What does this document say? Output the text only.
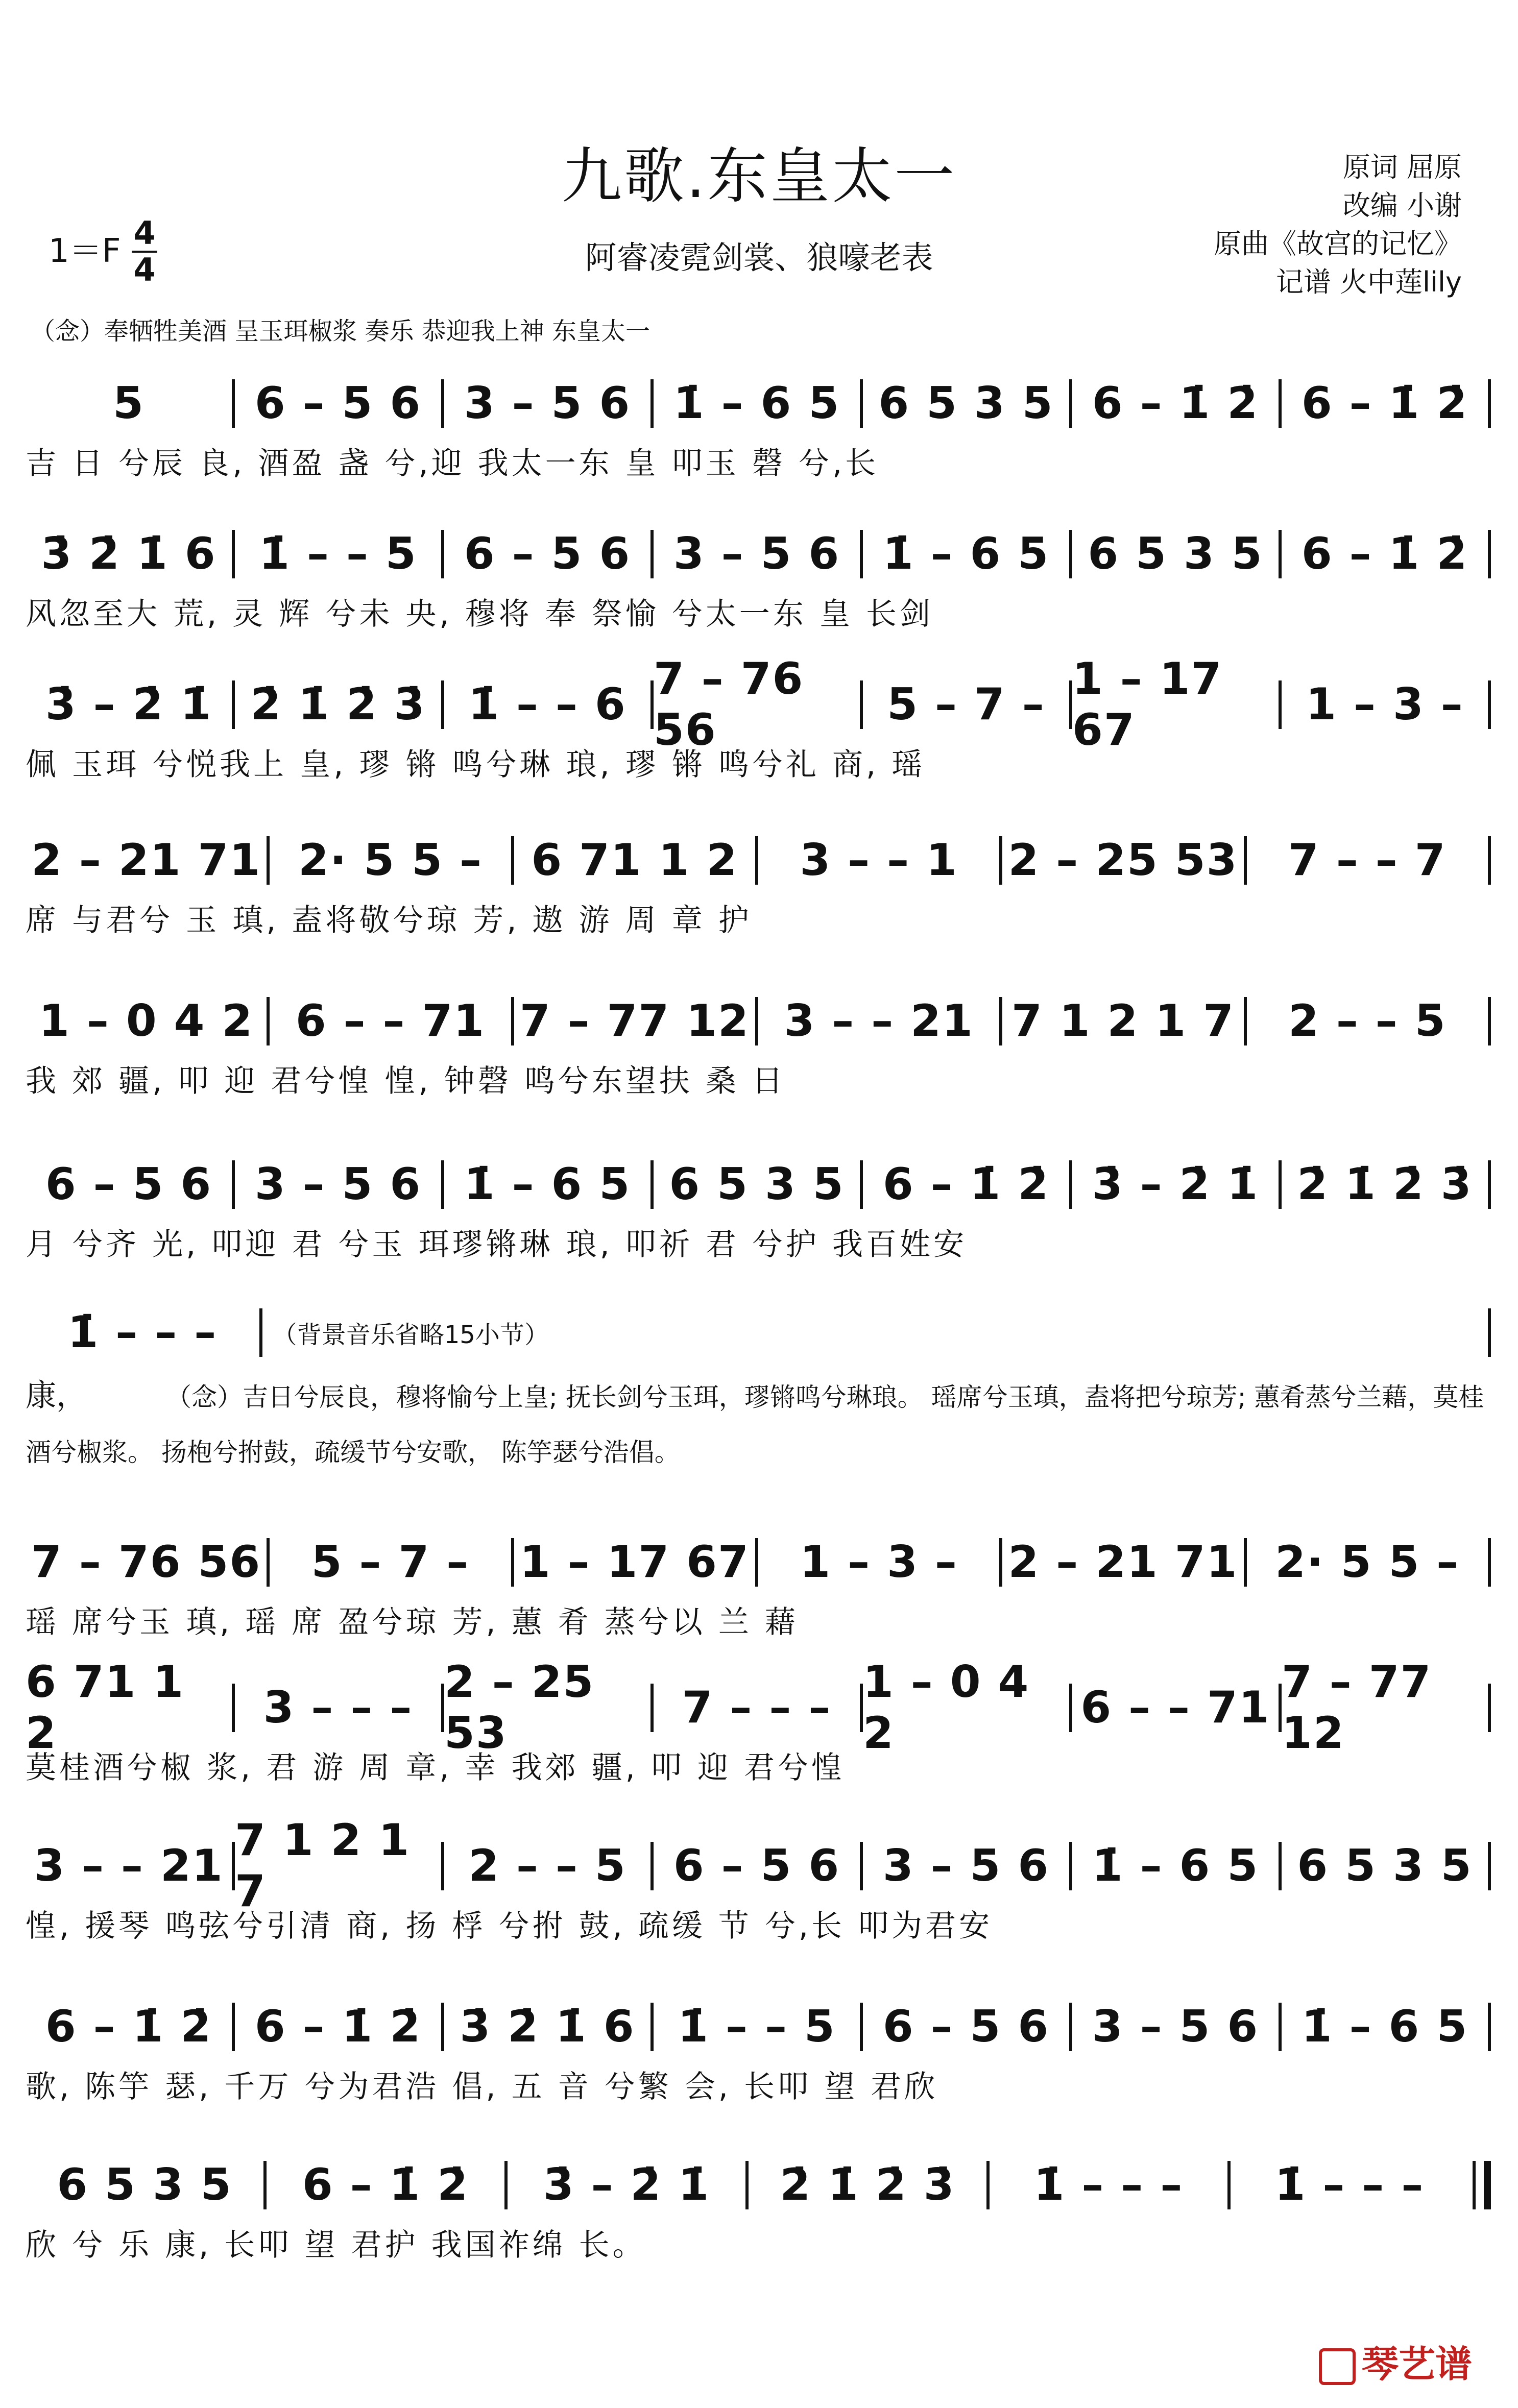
九歌.东皇太一
阿睿凌霓剑裳、狼嚎老表
原词 屈原
改编 小谢
原曲《故宫的记忆》
记谱 火中莲lily
1＝F 4
4
（念）奉牺牲美酒 呈玉珥椒浆 奏乐 恭迎我上神 东皇太一
5	6 – 5 6 3 – 5 6 1̇ – 6 5 6 5 3 5 6 – 1̇ 2̇ 6 – 1̇ 2̇
吉 日 兮辰 良, 酒盈 盏 兮,迎 我太一东 皇 叩玉 磬 兮,长
3̇ 2̇ 1̇ 6 1̇ – – 5	6 – 5 6 3 – 5 6 1̇ – 6 5 6 5 3 5 6 – 1̇ 2̇
风忽至大 荒, 灵 辉 兮未 央, 穆将 奉 祭愉 兮太一东 皇 长剑
3̇ – 2̇ 1̇ 2̇ 1̇ 2̇ 3̇ 1̇ – – 6 7 – 76 56	5 – 7 – 1 – 17 67	1 – 3 –
佩 玉珥 兮悦我上 皇, 璆 锵 鸣兮琳 琅, 璆 锵 鸣兮礼 商, 瑶
2 – 21 71 2· 5 5 –	6 71 1 2	3 – – 1	2 – 25 53	7 – – 7
席 与君兮 玉 瑱, 盍将敬兮琼 芳, 遨 游 周 章 护
1 – 0 4 2 6 – – 71 7 – 77 12 3 – – 21 7 1 2 1 7	2 – – 5
我 郊 疆, 叩 迎 君兮惶 惶, 钟磬 鸣兮东望扶 桑 日
6 – 5 6 3 – 5 6 1̇ – 6 5 6 5 3 5 6 – 1̇ 2̇ 3̇ – 2̇ 1̇ 2̇ 1̇ 2̇ 3̇
月 兮齐 光, 叩迎 君 兮玉 珥璆锵琳 琅, 叩祈 君 兮护 我百姓安
1̇ – – –	（背景音乐省略15小节）
康，	（念）吉日兮辰良，穆将愉兮上皇; 抚长剑兮玉珥，璆锵鸣兮琳琅。 瑶席兮玉瑱，盍将把兮琼芳; 蕙肴蒸兮兰藉，莫桂酒兮椒浆。 扬枹兮拊鼓，疏缓节兮安歌， 陈竽瑟兮浩倡。
7 – 76 56	5 – 7 –	1 – 17 67	1 – 3 –	2 – 21 71 2· 5 5 –
瑶 席兮玉 瑱, 瑶 席 盈兮琼 芳, 蕙 肴 蒸兮以 兰 藉
6 71 1 2	3 – – – 2 – 25 53	7 – – – 1 – 0 4 2	6 – – 71 7 – 77 12
莫桂酒兮椒 浆, 君 游 周 章, 幸 我郊 疆, 叩 迎 君兮惶
3 – – 21 7 1 2 1 7	2 – – 5	6 – 5 6 3 – 5 6 1̇ – 6 5 6 5 3 5
惶, 援琴 鸣弦兮引清 商, 扬 桴 兮拊 鼓, 疏缓 节 兮,长 叩为君安
6 – 1̇ 2̇ 6 – 1̇ 2̇ 3̇ 2̇ 1̇ 6 1̇ – – 5	6 – 5 6 3 – 5 6 1̇ – 6 5
歌, 陈竽 瑟, 千万 兮为君浩 倡, 五 音 兮繁 会, 长叩 望 君欣
6 5 3 5	6 – 1̇ 2̇	3̇ – 2̇ 1̇	2̇ 1̇ 2̇ 3̇	1̇ – – –	1̇ – – –
欣 兮 乐 康, 长叩 望 君护 我国祚绵 长。
琴艺谱
